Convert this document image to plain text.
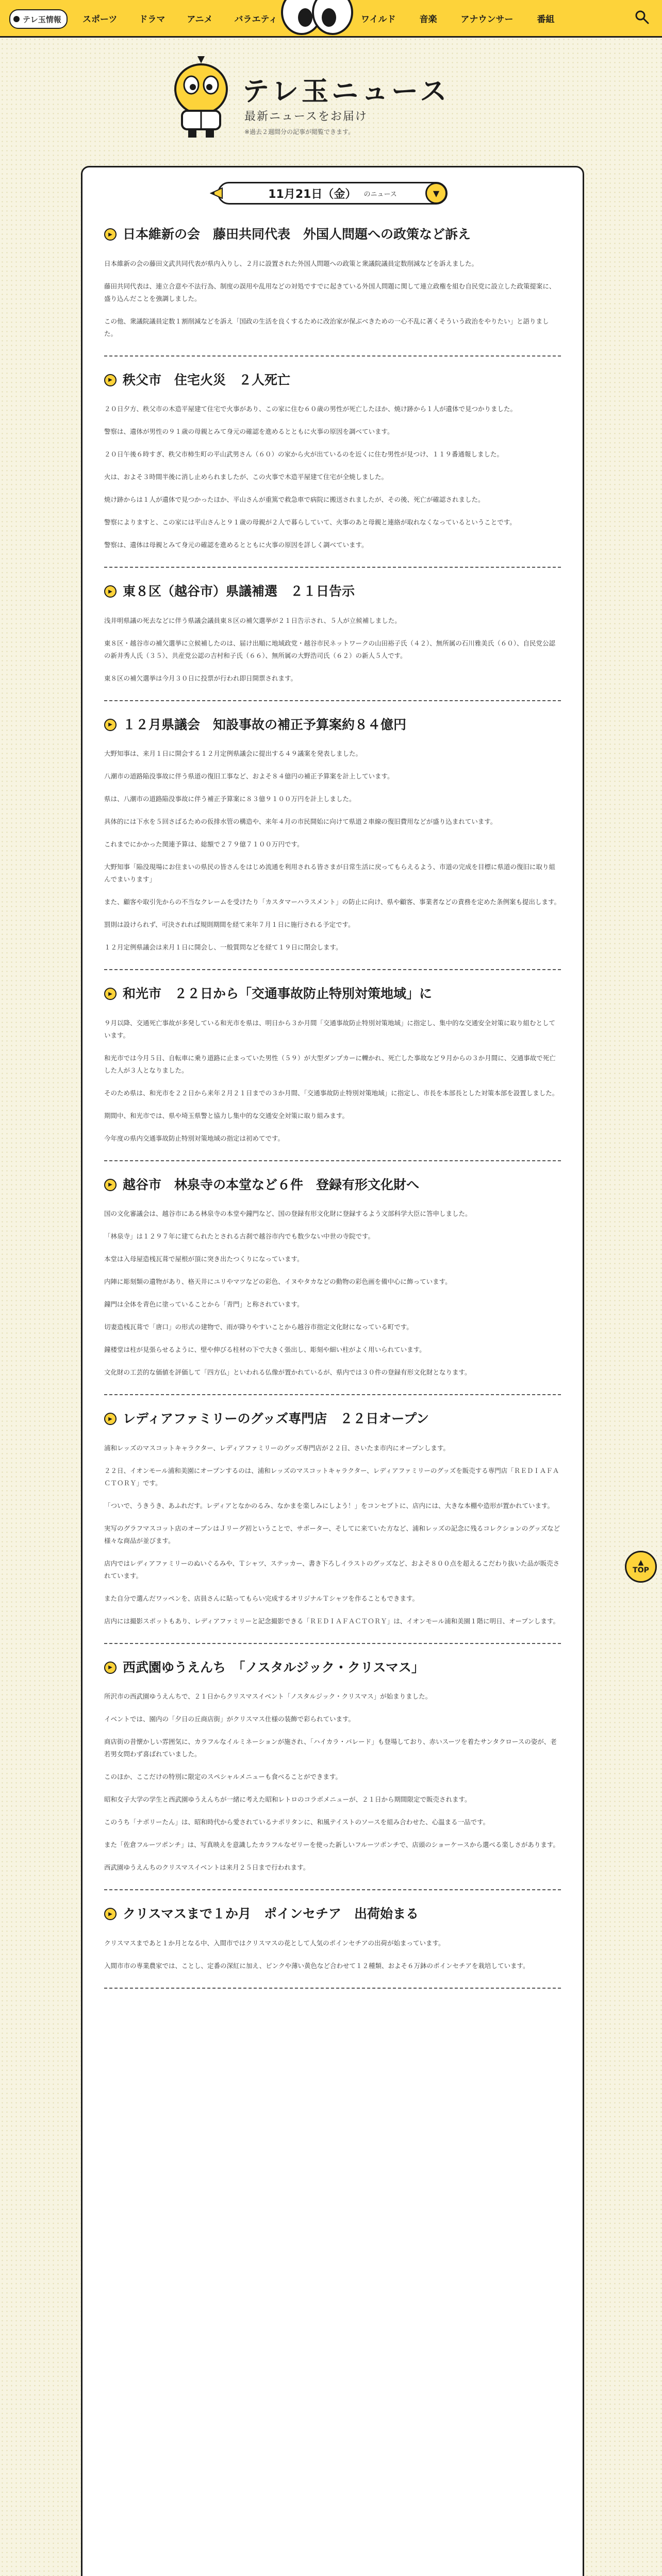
テレ玉情報 スポーツ ドラマ アニメ バラエティ	ワイルド	音楽	アナウンサー	番組
テレ玉ニュース
最新ニュースをお届け
※過去２週間分の記事が閲覧できます。
11月21日（金） のニュース	▼
▶ 日本維新の会　藤田共同代表　外国人問題への政策など訴え

日本維新の会の藤田文武共同代表が県内入りし、２月に設置された外国人問題への政策と衆議院議員定数削減などを訴えました。

藤田共同代表は、連立合意や不法行為、制度の誤用や乱用などの対処ですでに起きている外国人問題に関して連立政権を組む自民党に設立した政策提案に、盛り込んだことを強調しました。

この他、衆議院議員定数１割削減などを訴え「国政の生活を良くするために改治家が保ぶべきための一心不乱に著くそういう政治をやりたい」と語りました。

▶ 秩父市　住宅火災　２人死亡

２０日夕方、秩父市の木造平屋建て住宅で火事があり、この家に住む６０歳の男性が死亡したほか、焼け跡から１人が遺体で見つかりました。

警察は、遺体が男性の９１歳の母親とみて身元の確認を進めるとともに火事の原因を調べています。

２０日午後６時すぎ、秩父市柿生町の平山武男さん（６０）の家から火が出ているのを近くに住む男性が見つけ、１１９番通報しました。

火は、およそ３時間半後に消し止められましたが、この火事で木造平屋建て住宅が全焼しました。

焼け跡からは１人が遺体で見つかったほか、平山さんが重篤で救急車で病院に搬送されましたが、その後、死亡が確認されました。

警察によりますと、この家には平山さんと９１歳の母親が２人で暮らしていて、火事のあと母親と連絡が取れなくなっているということです。

警察は、遺体は母親とみて身元の確認を進めるとともに火事の原因を詳しく調べています。

▶ 東８区（越谷市）県議補選　２１日告示

浅井明県議の死去などに伴う県議会議員東８区の補欠選挙が２１日告示され、５人が立候補しました。

東８区・越谷市の補欠選挙に立候補したのは、届け出順に地域政党・越谷市民ネットワークの山田裕子氏（４２）、無所属の石川雅美氏（６０）、自民党公認の新井秀人氏（３５）、共産党公認の吉村和子氏（６６）、無所属の大野浩司氏（６２）の新人５人です。

東８区の補欠選挙は今月３０日に投票が行われ即日開票されます。

▶ １２月県議会　知設事故の補正予算案約８４億円

大野知事は、来月１日に開会する１２月定例県議会に提出する４９議案を発表しました。

八潮市の道路陥没事故に伴う県道の復旧工事など、およそ８４億円の補正予算案を計上しています。

県は、八潮市の道路陥没事故に伴う補正予算案に８３億９１００万円を計上しました。

具体的には下水を５回さばるための仮排水管の構造や、来年４月の市民開始に向けて県道２車線の復旧費用などが盛り込まれています。

これまでにかかった関連予算は、総額で２７９億７１００万円です。

大野知事「陥没現場にお住まいの県民の皆さんをはじめ流通を利用される皆さまが日常生活に戻ってもらえるよう、市道の完成を目標に県道の復旧に取り組んでまいります」

また、顧客や取引先からの不当なクレームを受けたり「カスタマーハラスメント」の防止に向け、県や顧客、事業者などの責務を定めた条例案も提出します。

罰則は設けられず、可決されれば規則期間を経て来年７月１日に施行される予定です。

１２月定例県議会は来月１日に開会し、一般質問などを経て１９日に閉会します。

▶ 和光市　２２日から「交通事故防止特別対策地域」に

９月以降、交通死亡事故が多発している和光市を県は、明日から３か月間「交通事故防止特別対策地域」に指定し、集中的な交通安全対策に取り組むとしています。

和光市では今月５日、自転車に乗り道路に止まっていた男性（５９）が大型ダンプカーに轢かれ、死亡した事故など９月からの３か月間に、交通事故で死亡した人が３人となりました。

そのため県は、和光市を２２日から来年２月２１日までの３か月間、「交通事故防止特別対策地域」に指定し、市長を本部長とした対策本部を設置しました。

期間中、和光市では、県や埼玉県警と協力し集中的な交通安全対策に取り組みます。

今年度の県内交通事故防止特別対策地域の指定は初めてです。

▶ 越谷市　林泉寺の本堂など６件　登録有形文化財へ

国の文化審議会は、越谷市にある林泉寺の本堂や鐘門など、国の登録有形文化財に登録するよう文部科学大臣に答申しました。

「林泉寺」は１２９７年に建てられたとされる古刹で越谷市内でも数少ない中世の寺院です。

本堂は入母屋造桟瓦葺で屋根が頂に突き出たつくりになっています。

内陣に彫刻類の遺物があり、格天井にユリやマツなどの彩色、イヌやタカなどの動物の彩色画を備中心に飾っています。

鐘門は全体を青色に塗っていることから「青門」と称されています。

切妻造桟瓦葺で「唐口」の形式の建物で、雨が降りやすいことから越谷市指定文化財になっている町です。

鐘楼堂は柱が見張らせるように、壁や伸びる柱材の下で大きく張出し、彫刻や細い柱がよく用いられています。

文化財の工芸的な価値を評価して「四方仏」といわれる仏像が置かれているが、県内では３０件の登録有形文化財となります。

▶ レディアファミリーのグッズ専門店　２２日オープン

浦和レッズのマスコットキャラクター、レディアファミリーのグッズ専門店が２２日、さいたま市内にオープンします。

２２日、イオンモール浦和美園にオープンするのは、浦和レッズのマスコットキャラクター、レディアファミリーのグッズを販売する専門店「ＲＥＤＩＡＦＡＣＴＯＲＹ」です。

「ついで、うきうき、あふれだす。レディアとなかのるみ、なかまを楽しみにしよう！」をコンセプトに、店内には、大きな本棚や造形が置かれています。

実写のグラフマスコット店のオープンはＪリーグ初ということで、サポーター、そしてに来ていた方など、浦和レッズの記念に残るコレクションのグッズなど様々な商品が並びます。

店内ではレディアファミリーのぬいぐるみや、Ｔシャツ、ステッカー、書き下ろしイラストのグッズなど、およそ８００点を超えるこだわり抜いた品が販売されています。

また自分で選んだワッペンを、店員さんに貼ってもらい完成するオリジナルＴシャツを作ることもできます。

店内には撮影スポットもあり、レディアファミリーと記念撮影できる「ＲＥＤＩＡＦＡＣＴＯＲＹ」は、イオンモール浦和美園１階に明日、オープンします。

▶ 西武園ゆうえんち　「ノスタルジック・クリスマス」

所沢市の西武園ゆうえんちで、２１日からクリスマスイベント「ノスタルジック・クリスマス」が始まりました。

イベントでは、園内の「夕日の丘商店街」がクリスマス仕様の装飾で彩られています。

商店街の昔懐かしい雰囲気に、カラフルなイルミネーションが施され、「ハイカラ・パレード」も登場しており、赤いスーツを着たサンタクロースの姿が、老若男女問わず喜ばれていました。

このほか、ここだけの特別に限定のスペシャルメニューも食べることができます。

昭和女子大学の学生と西武園ゆうえんちが一緒に考えた昭和レトロのコラボメニューが、２１日から期間限定で販売されます。

このうち「ナポリーたん」は、昭和時代から愛されているナポリタンに、和風テイストのソースを組み合わせた、心温まる一品です。

また「佐倉フルーツポンチ」は、写真映えを意識したカラフルなゼリーを使った新しいフルーツポンチで、店頭のショーケースから選べる楽しさがあります。

西武園ゆうえんちのクリスマスイベントは来月２５日まで行われます。

▶ クリスマスまで１か月　ポインセチア　出荷始まる

クリスマスまであと１か月となる中、入間市ではクリスマスの花として人気のポインセチアの出荷が始まっています。

入間市市の専業農家では、ことし、定番の深紅に加え、ピンクや薄い黄色など合わせて１２種類、およそ６万鉢のポインセチアを栽培しています。

▲
TOP
